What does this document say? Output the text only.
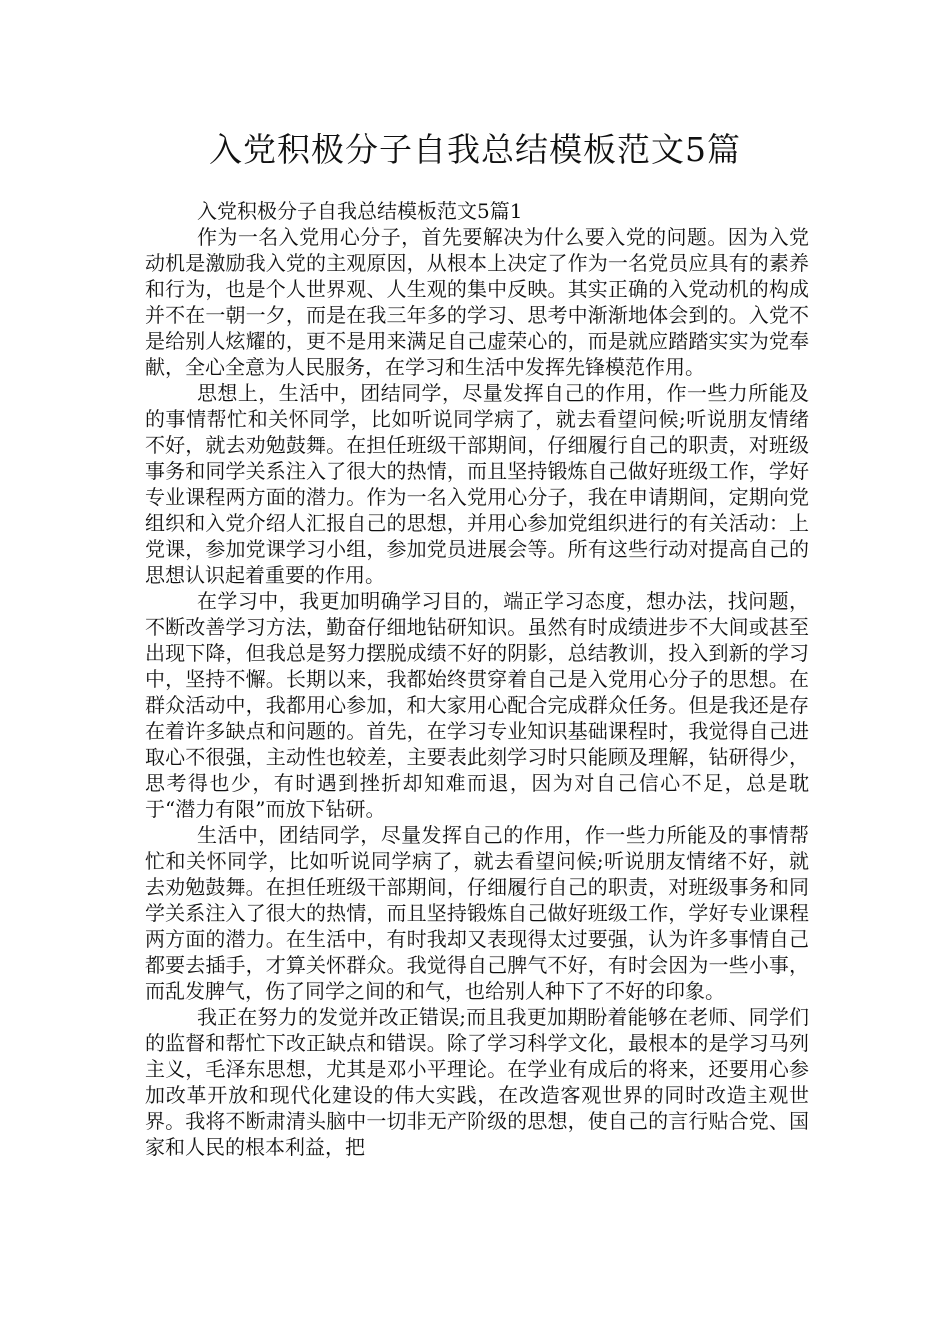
入党积极分子自我总结模板范文5篇

入党积极分子自我总结模板范文5篇1

作为一名入党用心分子，首先要解决为什么要入党的问题。因为入党动机是激励我入党的主观原因，从根本上决定了作为一名党员应具有的素养和行为，也是个人世界观、人生观的集中反映。其实正确的入党动机的构成并不在一朝一夕，而是在我三年多的学习、思考中渐渐地体会到的。入党不是给别人炫耀的，更不是用来满足自己虚荣心的，而是就应踏踏实实为党奉献，全心全意为人民服务，在学习和生活中发挥先锋模范作用。

思想上，生活中，团结同学，尽量发挥自己的作用，作一些力所能及的事情帮忙和关怀同学，比如听说同学病了，就去看望问候;听说朋友情绪不好，就去劝勉鼓舞。在担任班级干部期间，仔细履行自己的职责，对班级事务和同学关系注入了很大的热情，而且坚持锻炼自己做好班级工作，学好专业课程两方面的潜力。作为一名入党用心分子，我在申请期间，定期向党组织和入党介绍人汇报自己的思想，并用心参加党组织进行的有关活动：上党课，参加党课学习小组，参加党员进展会等。所有这些行动对提高自己的思想认识起着重要的作用。

在学习中，我更加明确学习目的，端正学习态度，想办法，找问题，不断改善学习方法，勤奋仔细地钻研知识。虽然有时成绩进步不大间或甚至出现下降，但我总是努力摆脱成绩不好的阴影，总结教训，投入到新的学习中，坚持不懈。长期以来，我都始终贯穿着自己是入党用心分子的思想。在群众活动中，我都用心参加，和大家用心配合完成群众任务。但是我还是存在着许多缺点和问题的。首先，在学习专业知识基础课程时，我觉得自己进取心不很强，主动性也较差，主要表此刻学习时只能顾及理解，钻研得少，思考得也少，有时遇到挫折却知难而退，因为对自己信心不足，总是耽于“潜力有限”而放下钻研。

生活中，团结同学，尽量发挥自己的作用，作一些力所能及的事情帮忙和关怀同学，比如听说同学病了，就去看望问候;听说朋友情绪不好，就去劝勉鼓舞。在担任班级干部期间，仔细履行自己的职责，对班级事务和同学关系注入了很大的热情，而且坚持锻炼自己做好班级工作，学好专业课程两方面的潜力。在生活中，有时我却又表现得太过要强，认为许多事情自己都要去插手，才算关怀群众。我觉得自己脾气不好，有时会因为一些小事，而乱发脾气，伤了同学之间的和气，也给别人种下了不好的印象。

我正在努力的发觉并改正错误;而且我更加期盼着能够在老师、同学们的监督和帮忙下改正缺点和错误。除了学习科学文化，最根本的是学习马列主义，毛泽东思想，尤其是邓小平理论。在学业有成后的将来，还要用心参加改革开放和现代化建设的伟大实践，在改造客观世界的同时改造主观世界。我将不断肃清头脑中一切非无产阶级的思想，使自己的言行贴合党、国家和人民的根本利益，把
